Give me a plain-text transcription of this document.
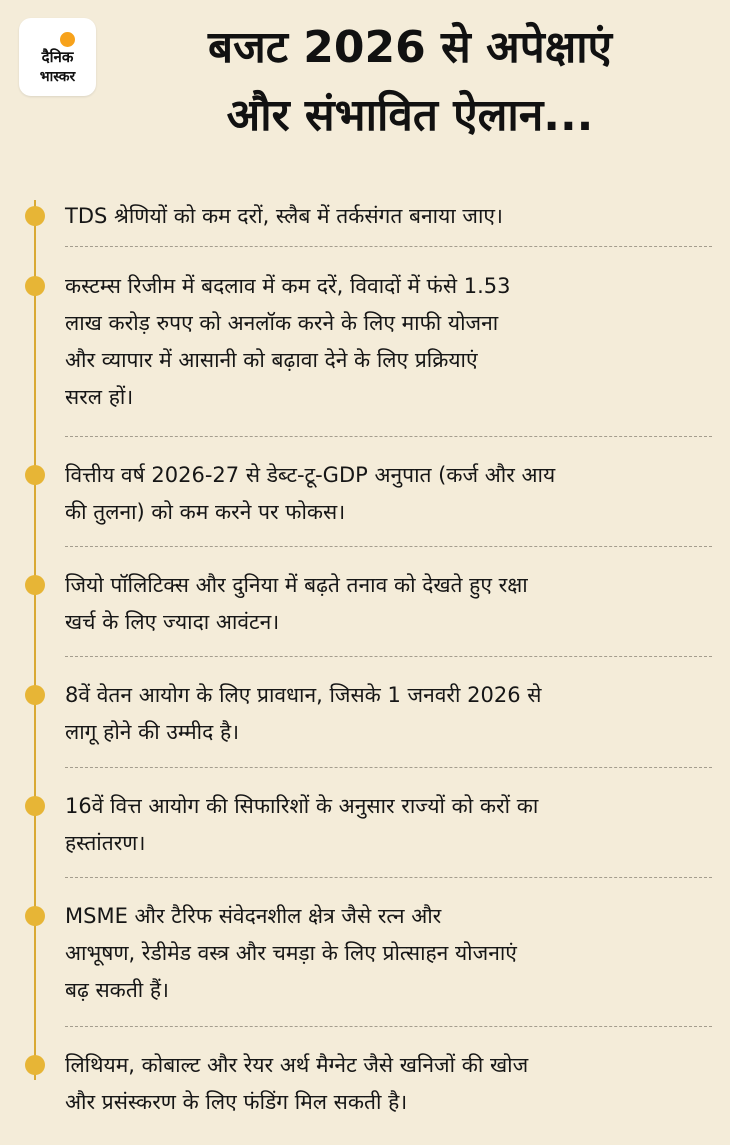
दैनिक
भास्कर
बजट 2026 से अपेक्षाएं
और संभावित ऐलान...
TDS श्रेणियों को कम दरों, स्लैब में तर्कसंगत बनाया जाए।
कस्टम्स रिजीम में बदलाव में कम दरें, विवादों में फंसे 1.53
लाख करोड़ रुपए को अनलॉक करने के लिए माफी योजना
और व्यापार में आसानी को बढ़ावा देने के लिए प्रक्रियाएं
सरल हों।
वित्तीय वर्ष 2026-27 से डेब्ट-टू-GDP अनुपात (कर्ज और आय
की तुलना) को कम करने पर फोकस।
जियो पॉलिटिक्स और दुनिया में बढ़ते तनाव को देखते हुए रक्षा
खर्च के लिए ज्यादा आवंटन।
8वें वेतन आयोग के लिए प्रावधान, जिसके 1 जनवरी 2026 से
लागू होने की उम्मीद है।
16वें वित्त आयोग की सिफारिशों के अनुसार राज्यों को करों का
हस्तांतरण।
MSME और टैरिफ संवेदनशील क्षेत्र जैसे रत्न और
आभूषण, रेडीमेड वस्त्र और चमड़ा के लिए प्रोत्साहन योजनाएं
बढ़ सकती हैं।
लिथियम, कोबाल्ट और रेयर अर्थ मैग्नेट जैसे खनिजों की खोज
और प्रसंस्करण के लिए फंडिंग मिल सकती है।
